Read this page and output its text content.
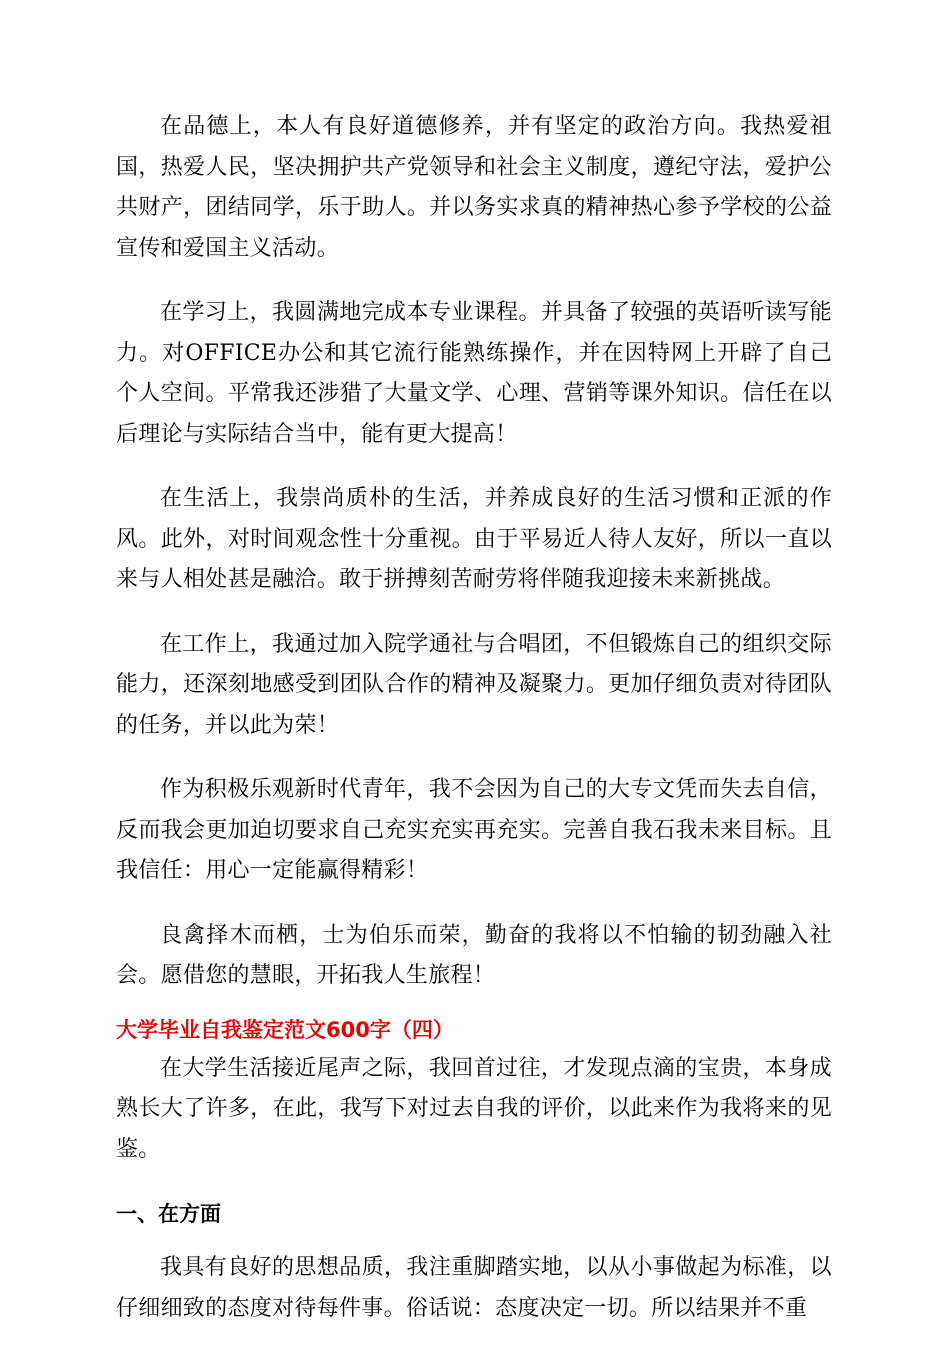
在品德上，本人有良好道德修养，并有坚定的政治方向。我热爱祖国，热爱人民，坚决拥护共产党领导和社会主义制度，遵纪守法，爱护公共财产，团结同学，乐于助人。并以务实求真的精神热心参予学校的公益宣传和爱国主义活动。

在学习上，我圆满地完成本专业课程。并具备了较强的英语听读写能力。对OFFICE办公和其它流行能熟练操作，并在因特网上开辟了自己个人空间。平常我还涉猎了大量文学、心理、营销等课外知识。信任在以后理论与实际结合当中，能有更大提高！

在生活上，我崇尚质朴的生活，并养成良好的生活习惯和正派的作风。此外，对时间观念性十分重视。由于平易近人待人友好，所以一直以来与人相处甚是融洽。敢于拼搏刻苦耐劳将伴随我迎接未来新挑战。

在工作上，我通过加入院学通社与合唱团，不但锻炼自己的组织交际能力，还深刻地感受到团队合作的精神及凝聚力。更加仔细负责对待团队的任务，并以此为荣！

作为积极乐观新时代青年，我不会因为自己的大专文凭而失去自信，反而我会更加迫切要求自己充实充实再充实。完善自我石我未来目标。且我信任：用心一定能赢得精彩！

良禽择木而栖，士为伯乐而荣，勤奋的我将以不怕输的韧劲融入社会。愿借您的慧眼，开拓我人生旅程！

大学毕业自我鉴定范文600字（四）

在大学生活接近尾声之际，我回首过往，才发现点滴的宝贵，本身成熟长大了许多，在此，我写下对过去自我的评价，以此来作为我将来的见鉴。

一、在方面

我具有良好的思想品质，我注重脚踏实地，以从小事做起为标准，以仔细细致的态度对待每件事。俗话说：态度决定一切。所以结果并不重
